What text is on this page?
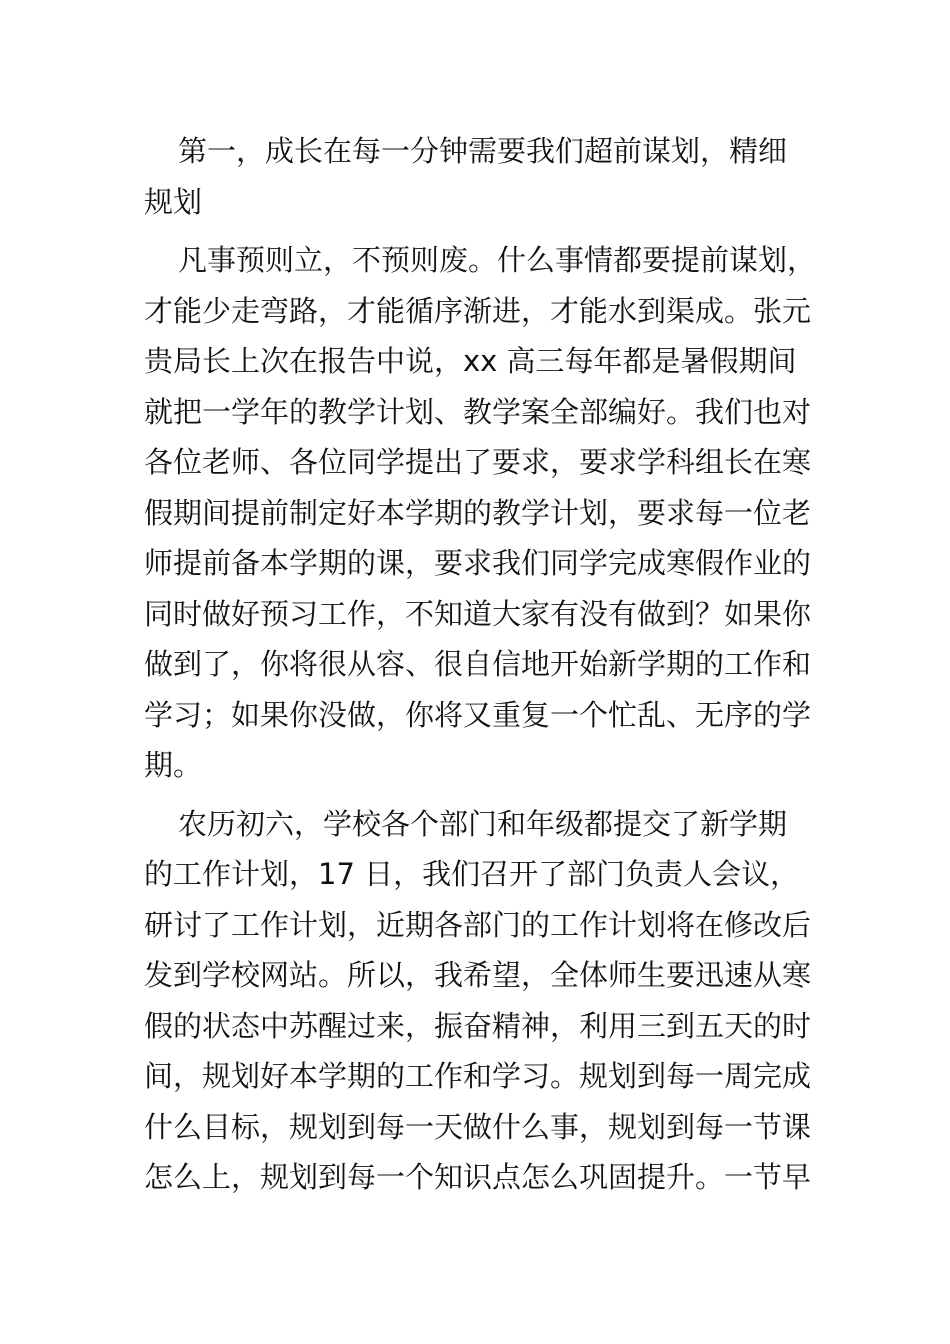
第一，成长在每一分钟需要我们超前谋划，精细
规划

凡事预则立，不预则废。什么事情都要提前谋划，
才能少走弯路，才能循序渐进，才能水到渠成。张元
贵局长上次在报告中说，xx 高三每年都是暑假期间
就把一学年的教学计划、教学案全部编好。我们也对
各位老师、各位同学提出了要求，要求学科组长在寒
假期间提前制定好本学期的教学计划，要求每一位老
师提前备本学期的课，要求我们同学完成寒假作业的
同时做好预习工作，不知道大家有没有做到？如果你
做到了，你将很从容、很自信地开始新学期的工作和
学习；如果你没做，你将又重复一个忙乱、无序的学
期。

农历初六，学校各个部门和年级都提交了新学期
的工作计划，17 日，我们召开了部门负责人会议，
研讨了工作计划，近期各部门的工作计划将在修改后
发到学校网站。所以，我希望，全体师生要迅速从寒
假的状态中苏醒过来，振奋精神，利用三到五天的时
间，规划好本学期的工作和学习。规划到每一周完成
什么目标，规划到每一天做什么事，规划到每一节课
怎么上，规划到每一个知识点怎么巩固提升。一节早
